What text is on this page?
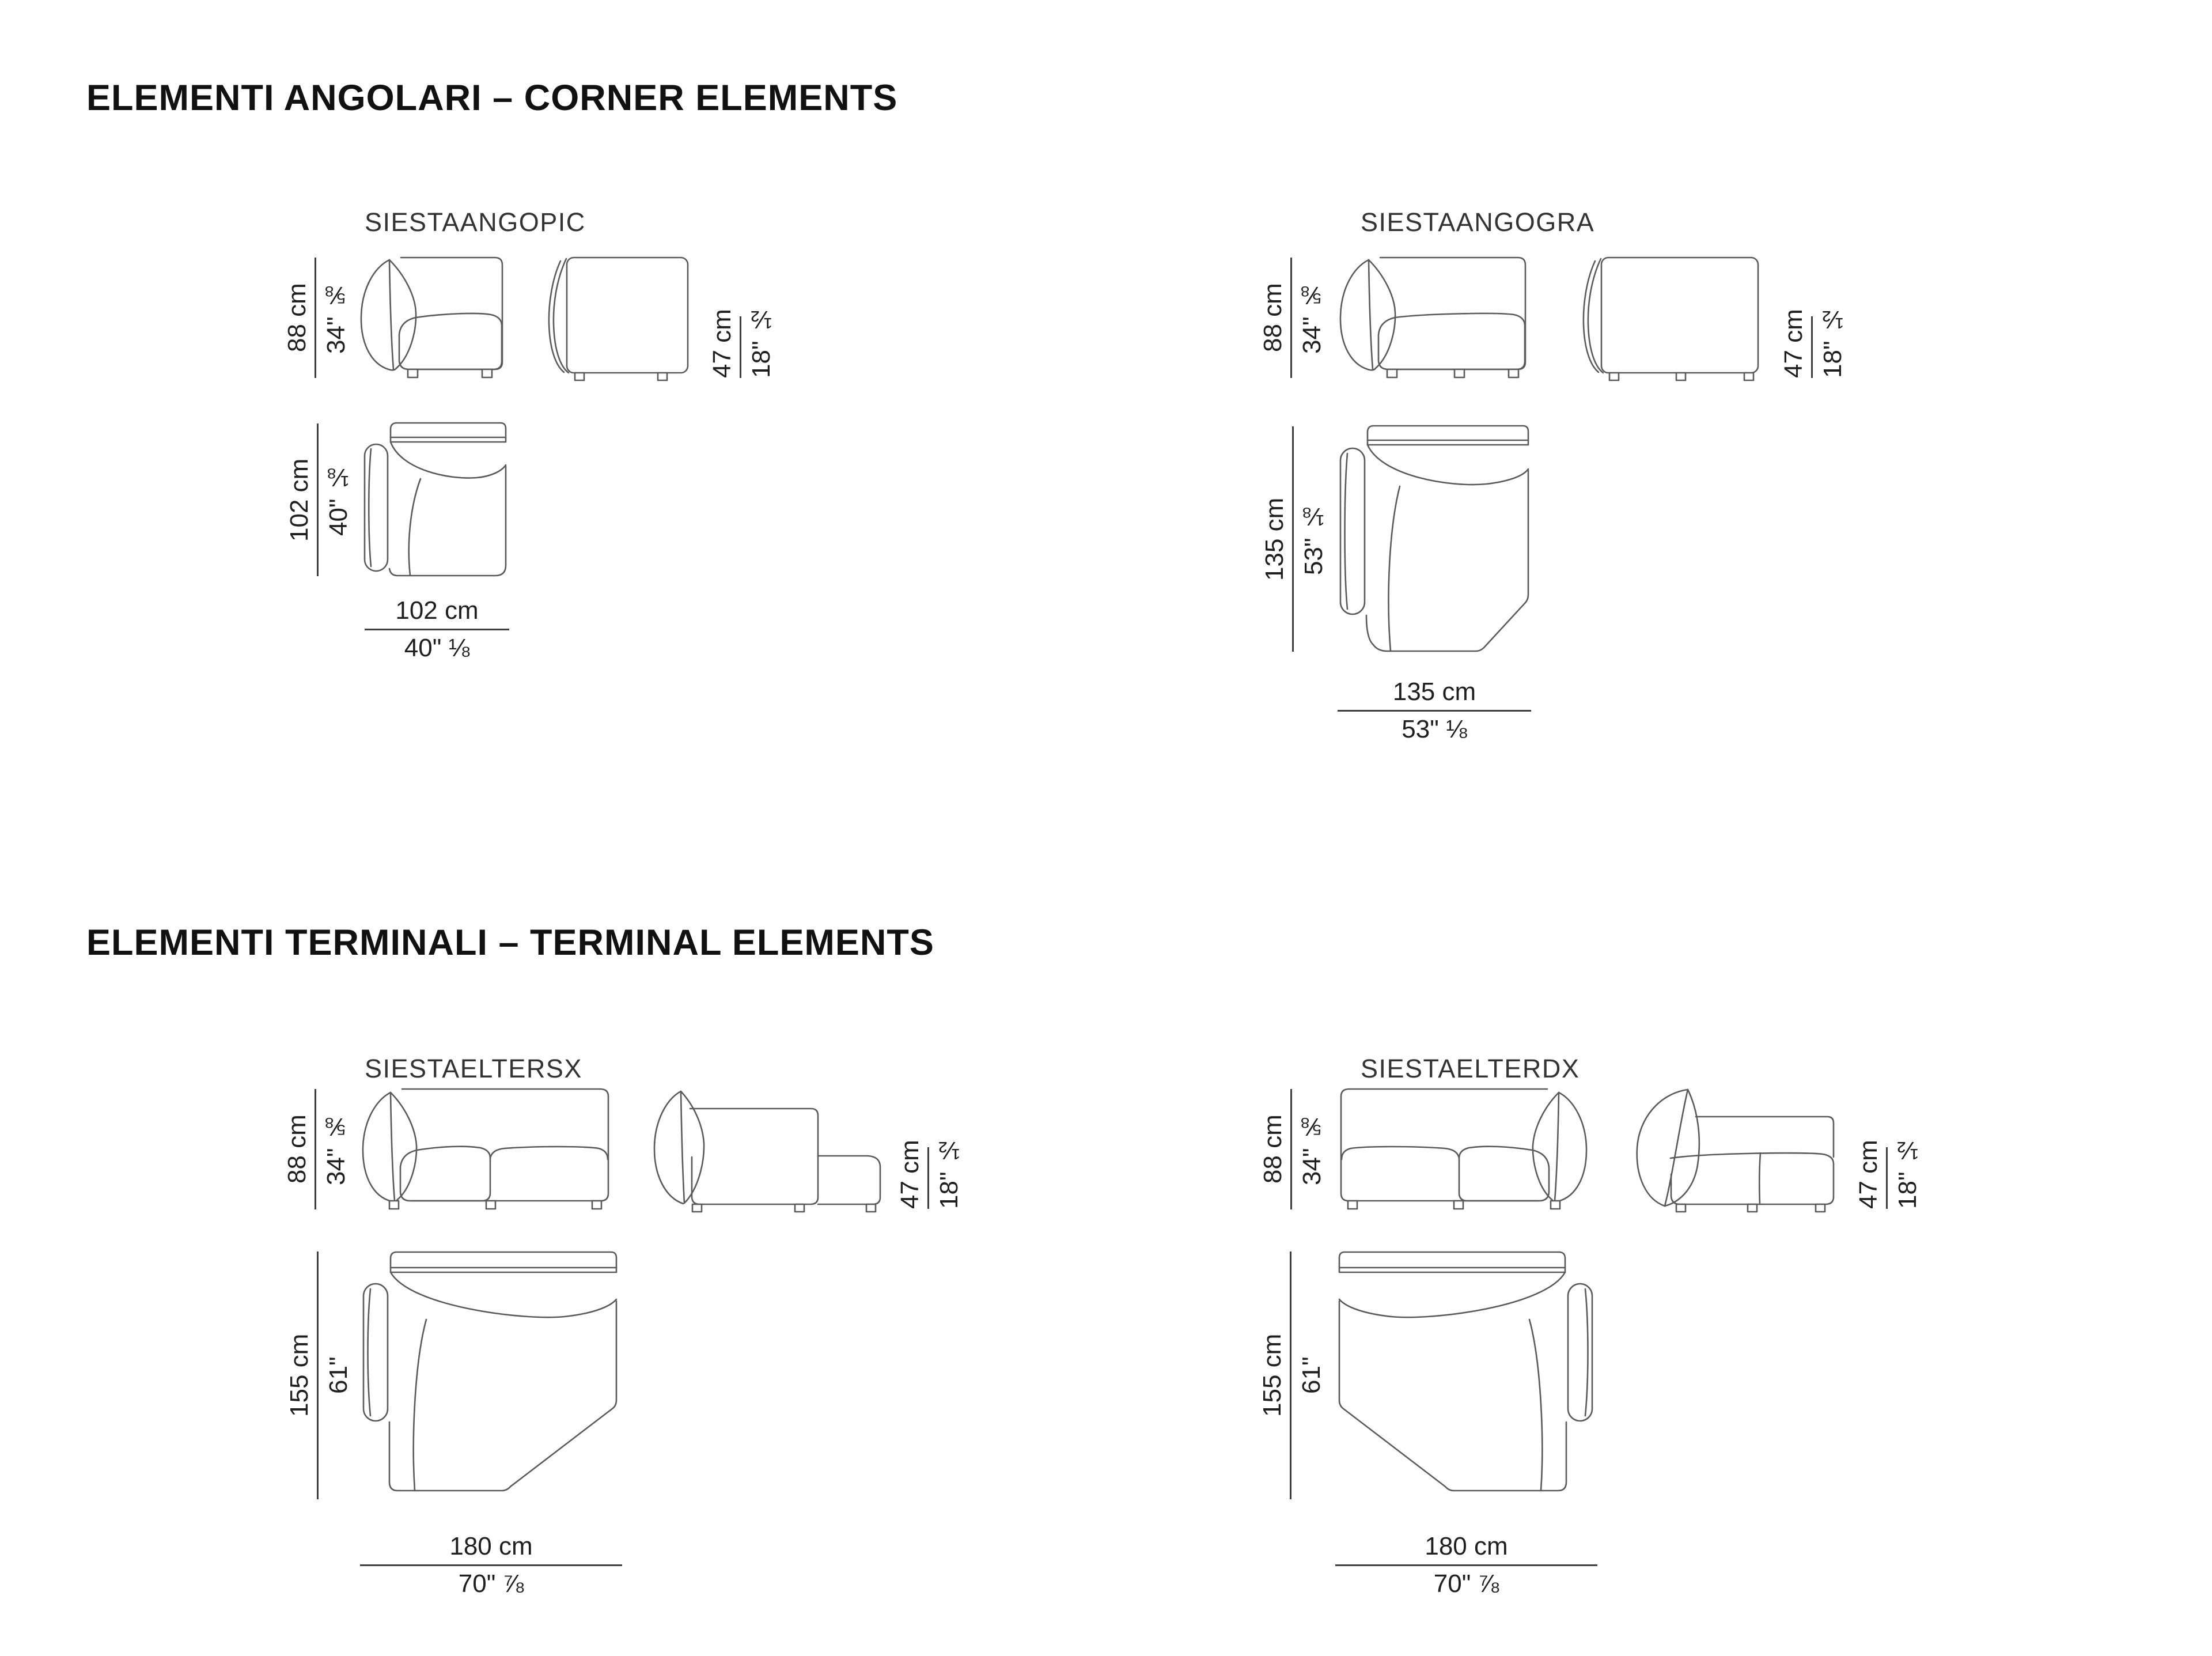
ELEMENTI ANGOLARI – CORNER ELEMENTS
SIESTAANGOPIC
88 cm 34" ⅝	47 cm 18" ½
102 cm 40" ⅛
102 cm
40" ⅛
SIESTAANGOGRA
88 cm 34" ⅝	47 cm 18" ½
135 cm 53" ⅛
135 cm
53" ⅛
ELEMENTI TERMINALI – TERMINAL ELEMENTS
SIESTAELTERSX
88 cm 34" ⅝	47 cm 18" ½
155 cm 61"
180 cm
70" ⅞
SIESTAELTERDX
88 cm 34" ⅝	47 cm 18" ½
155 cm 61"
180 cm
70" ⅞
